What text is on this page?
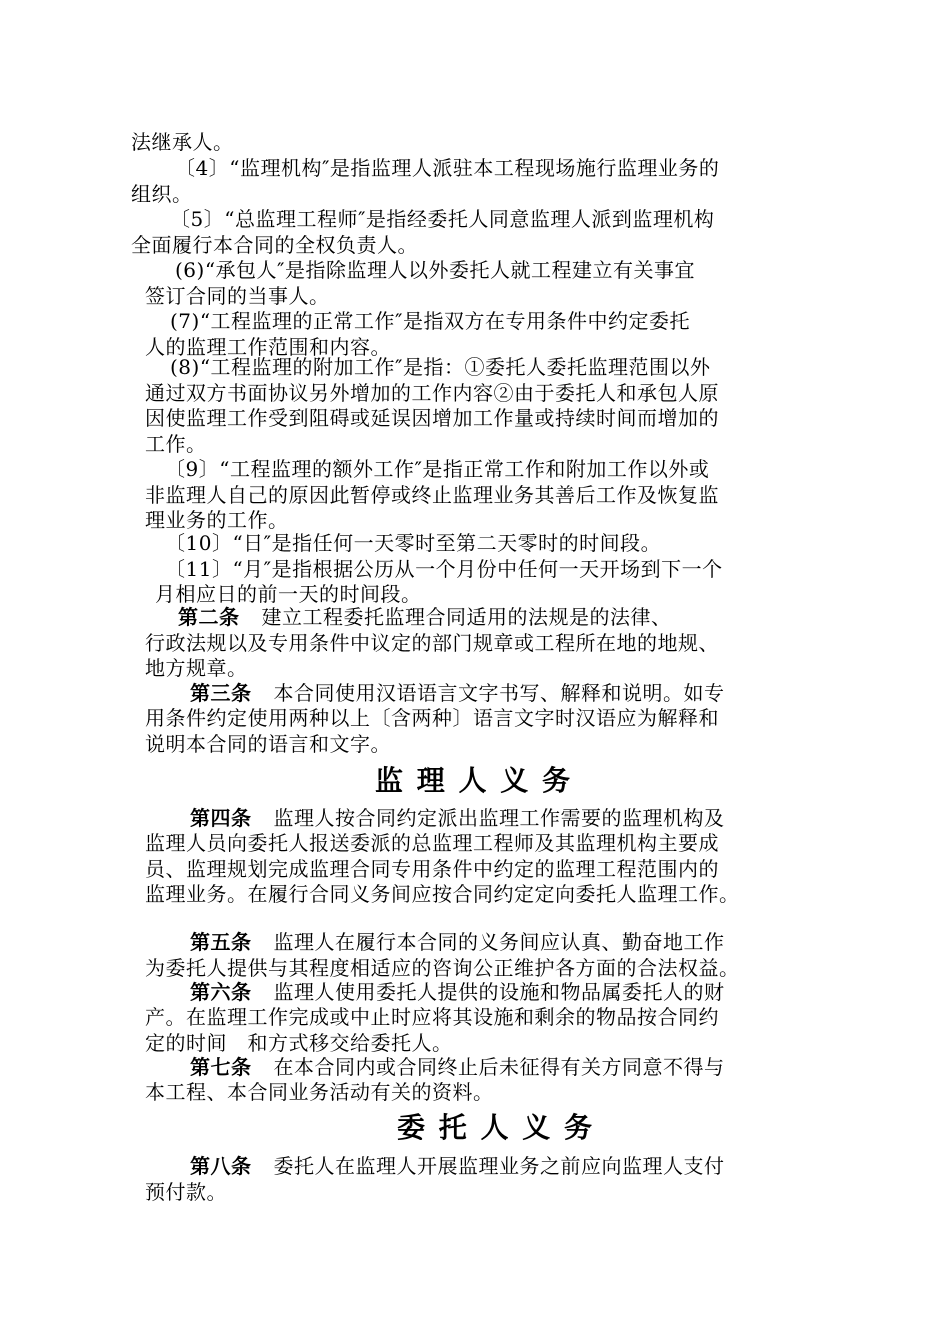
法继承人。
〔4〕“监理机构″是指监理人派驻本工程现场施行监理业务的
组织。
〔5〕“总监理工程师″是指经委托人同意监理人派到监理机构
全面履行本合同的全权负责人。
(6)“承包人″是指除监理人以外委托人就工程建立有关事宜
签订合同的当事人。
(7)“工程监理的正常工作″是指双方在专用条件中约定委托
人的监理工作范围和内容。
(8)“工程监理的附加工作″是指：①委托人委托监理范围以外
通过双方书面协议另外增加的工作内容②由于委托人和承包人原
因使监理工作受到阻碍或延误因增加工作量或持续时间而增加的
工作。
〔9〕“工程监理的额外工作″是指正常工作和附加工作以外或
非监理人自己的原因此暂停或终止监理业务其善后工作及恢复监
理业务的工作。
〔10〕“日″是指任何一天零时至第二天零时的时间段。
〔11〕“月″是指根据公历从一个月份中任何一天开场到下一个
月相应日的前一天的时间段。
第二条 建立工程委托监理合同适用的法规是的法律、
行政法规以及专用条件中议定的部门规章或工程所在地的地规、
地方规章。
第三条 本合同使用汉语语言文字书写、解释和说明。如专
用条件约定使用两种以上〔含两种〕语言文字时汉语应为解释和
说明本合同的语言和文字。
监 理 人 义 务
第四条 监理人按合同约定派出监理工作需要的监理机构及
监理人员向委托人报送委派的总监理工程师及其监理机构主要成
员、监理规划完成监理合同专用条件中约定的监理工程范围内的
监理业务。在履行合同义务间应按合同约定定向委托人监理工作。
第五条 监理人在履行本合同的义务间应认真、勤奋地工作
为委托人提供与其程度相适应的咨询公正维护各方面的合法权益。
第六条 监理人使用委托人提供的设施和物品属委托人的财
产。在监理工作完成或中止时应将其设施和剩余的物品按合同约
定的时间　和方式移交给委托人。
第七条 在本合同内或合同终止后未征得有关方同意不得与
本工程、本合同业务活动有关的资料。
委 托 人 义 务
第八条 委托人在监理人开展监理业务之前应向监理人支付
预付款。
